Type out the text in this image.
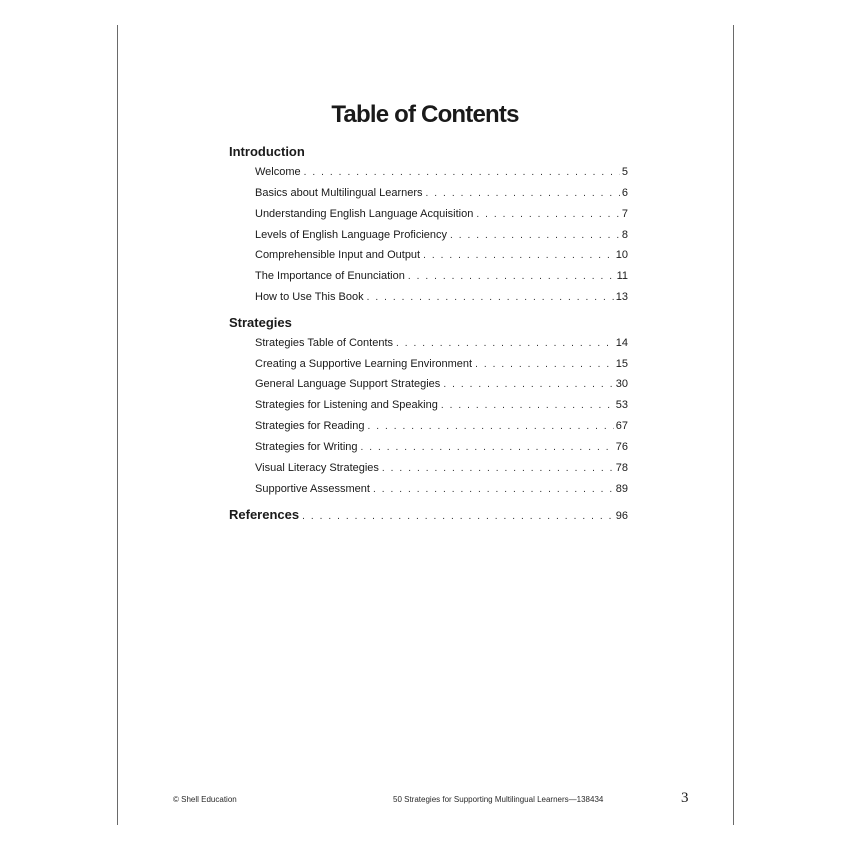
Table of Contents
Introduction
Welcome . . .	5
Basics about Multilingual Learners . . .	6
Understanding English Language Acquisition . . .	7
Levels of English Language Proficiency . . .	8
Comprehensible Input and Output . . .	10
The Importance of Enunciation . . .	11
How to Use This Book . . .	13
Strategies
Strategies Table of Contents . . .	14
Creating a Supportive Learning Environment . . .	15
General Language Support Strategies . . .	30
Strategies for Listening and Speaking . . .	53
Strategies for Reading . . .	67
Strategies for Writing . . .	76
Visual Literacy Strategies . . .	78
Supportive Assessment . . .	89
References . . .	96
© Shell Education	50 Strategies for Supporting Multilingual Learners—138434	3
